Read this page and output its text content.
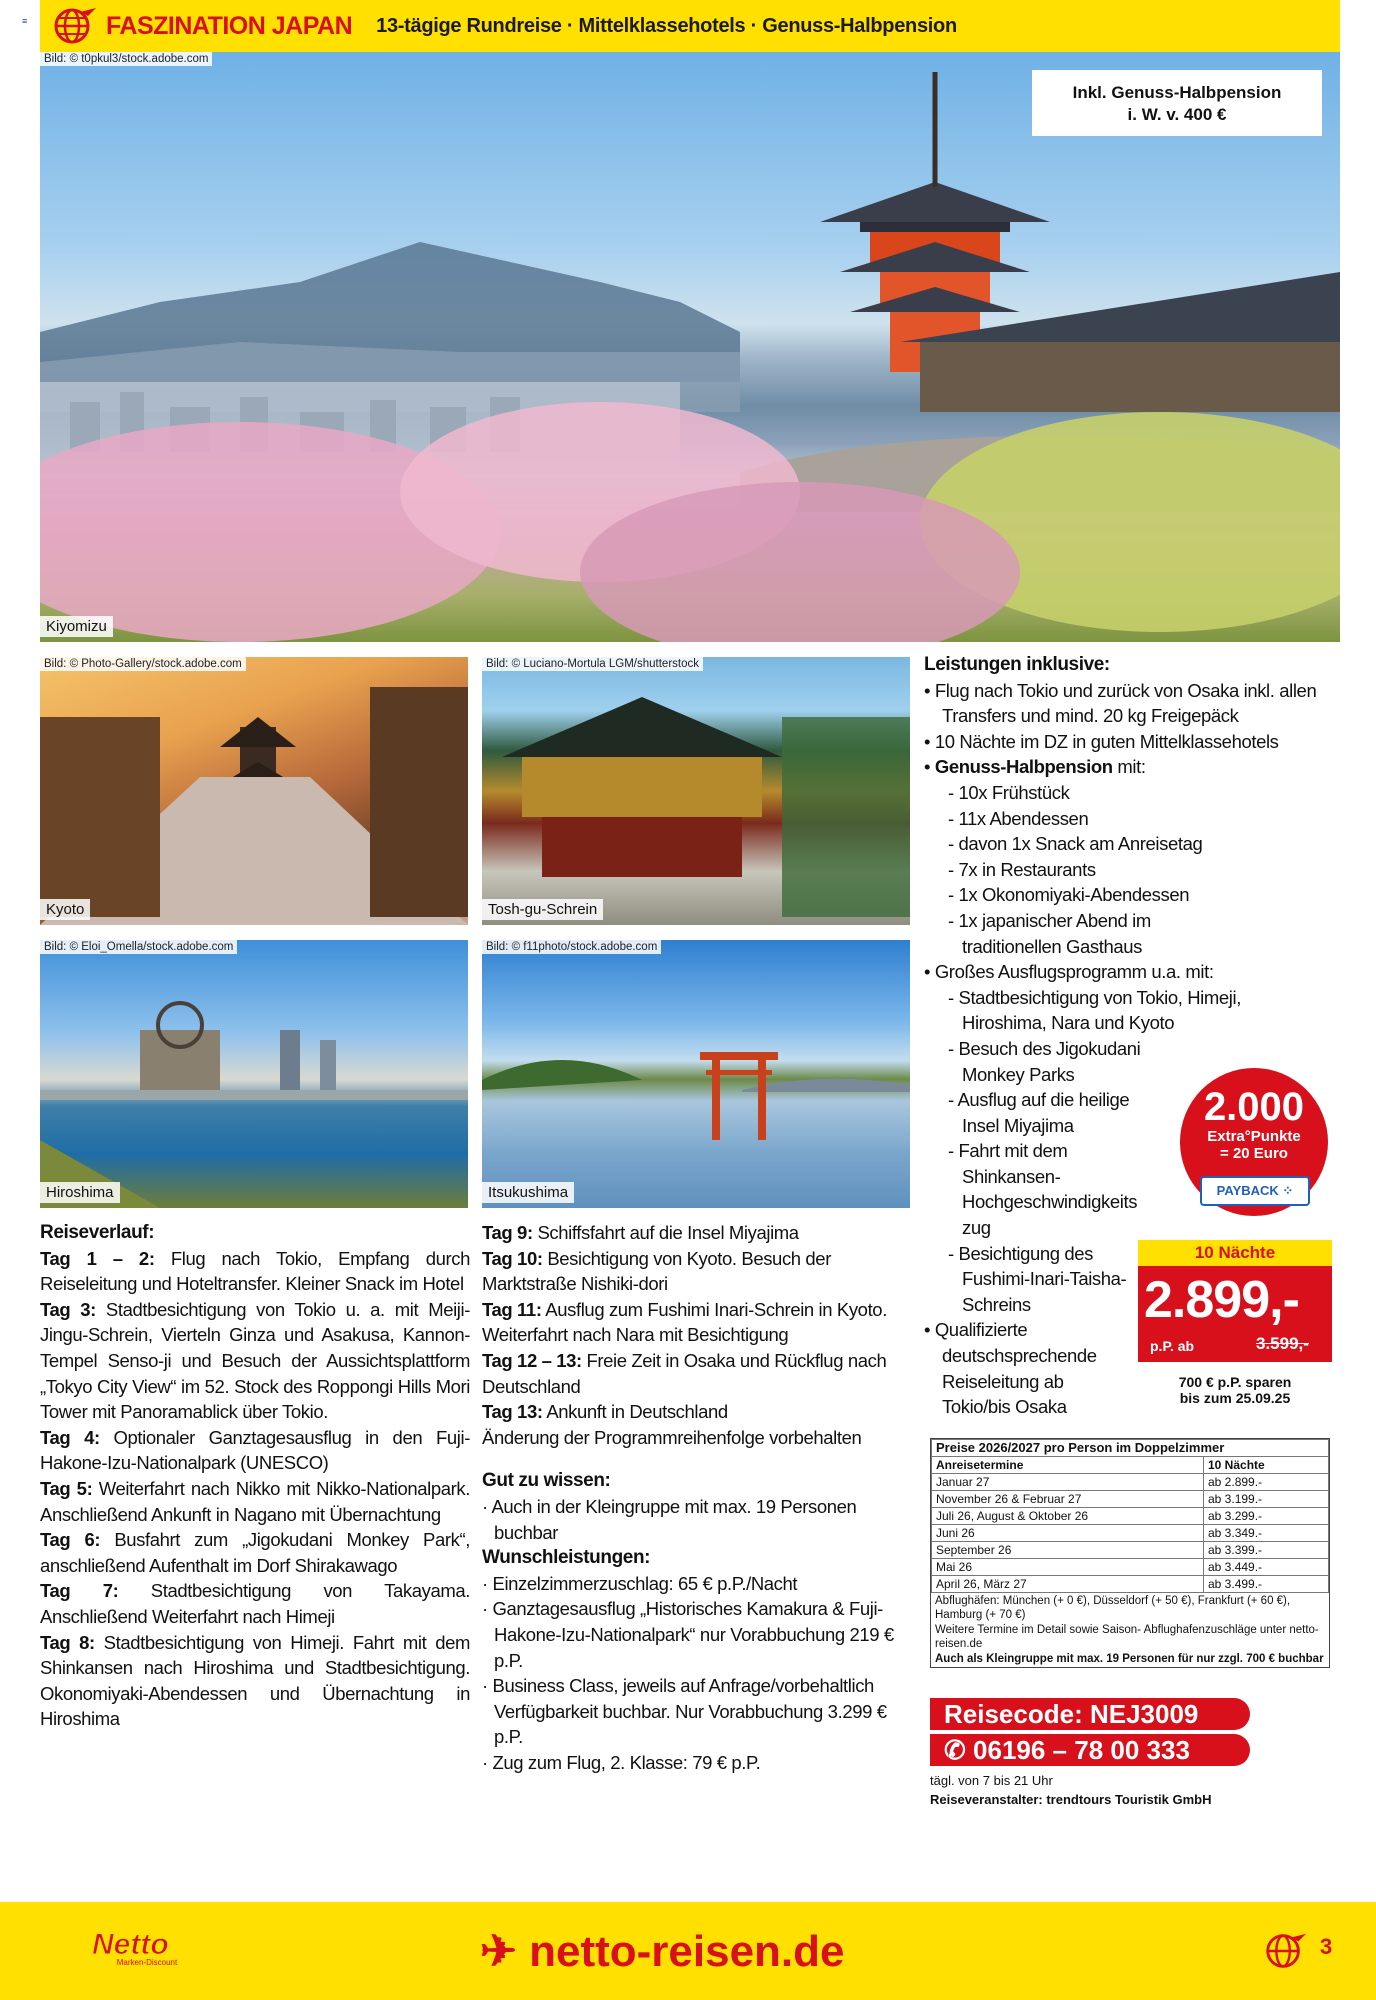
≡	FASZINATION JAPAN 13-tägige Rundreise · Mittelklassehotels · Genuss-Halbpension
Bild: © t0pkul3/stock.adobe.com
Inkl. Genuss-Halbpension
i. W. v. 400 €
Kiyomizu
Bild: © Photo-Gallery/stock.adobe.com
Kyoto
Bild: © Luciano-Mortula LGM/shutterstock
Tosh-gu-Schrein
Bild: © Eloi_Omella/stock.adobe.com
Hiroshima
Bild: © f11photo/stock.adobe.com
Itsukushima
Reiseverlauf:
Tag 1 – 2: Flug nach Tokio, Empfang durch Reiseleitung und Hoteltransfer. Kleiner Snack im Hotel
Tag 3: Stadtbesichtigung von Tokio u. a. mit Meiji-Jingu-Schrein, Vierteln Ginza und Asakusa, Kannon-Tempel Senso-ji und Besuch der Aussichtsplattform „Tokyo City View“ im 52. Stock des Roppongi Hills Mori Tower mit Panoramablick über Tokio.
Tag 4: Optionaler Ganztagesausflug in den Fuji-Hakone-Izu-Nationalpark (UNESCO)
Tag 5: Weiterfahrt nach Nikko mit Nikko-Nationalpark. Anschließend Ankunft in Nagano mit Übernachtung
Tag 6: Busfahrt zum „Jigokudani Monkey Park“, anschließend Aufenthalt im Dorf Shirakawago
Tag 7: Stadtbesichtigung von Takayama. Anschließend Weiterfahrt nach Himeji
Tag 8: Stadtbesichtigung von Himeji. Fahrt mit dem Shinkansen nach Hiroshima und Stadtbesichtigung. Okonomiyaki-Abendessen und Übernachtung in Hiroshima
Tag 9: Schiffsfahrt auf die Insel Miyajima
Tag 10: Besichtigung von Kyoto. Besuch der Marktstraße Nishiki-dori
Tag 11: Ausflug zum Fushimi Inari-Schrein in Kyoto. Weiterfahrt nach Nara mit Besichtigung
Tag 12 – 13: Freie Zeit in Osaka und Rückflug nach Deutschland
Tag 13: Ankunft in Deutschland
Änderung der Programmreihenfolge vorbehalten
Gut zu wissen:
· Auch in der Kleingruppe mit max. 19 Personen buchbar
Wunschleistungen:
· Einzelzimmerzuschlag: 65 € p.P./Nacht
· Ganztagesausflug „Historisches Kamakura & Fuji-Hakone-Izu-Nationalpark“ nur Vorabbuchung 219 € p.P.
· Business Class, jeweils auf Anfrage/vorbehaltlich Verfügbarkeit buchbar. Nur Vorabbuchung 3.299 € p.P.
· Zug zum Flug, 2. Klasse: 79 € p.P.
Leistungen inklusive:
• Flug nach Tokio und zurück von Osaka inkl. allen Transfers und mind. 20 kg Freigepäck
• 10 Nächte im DZ in guten Mittelklassehotels
• Genuss-Halbpension mit:
- 10x Frühstück
- 11x Abendessen
- davon 1x Snack am Anreisetag
- 7x in Restaurants
- 1x Okonomiyaki-Abendessen
- 1x japanischer Abend im traditionellen Gasthaus
• Großes Ausflugsprogramm u.a. mit:
- Stadtbesichtigung von Tokio, Himeji, Hiroshima, Nara und Kyoto
- Besuch des Jigokudani Monkey Parks
- Ausflug auf die heilige Insel Miyajima
- Fahrt mit dem Shinkansen-Hochgeschwindigkeitszug
- Besichtigung des Fushimi-Inari-Taisha-Schreins
• Qualifizierte deutschsprechende Reiseleitung ab Tokio/bis Osaka
2.000
Extra°Punkte
= 20 Euro
PAYBACK ⁘
10 Nächte
2.899,-
p.P. ab	3.599,-
700 € p.P. sparen
bis zum 25.09.25
Preise 2026/2027 pro Person im Doppelzimmer	
Anreisetermine	10 Nächte
Januar 27	ab 2.899.-
November 26 & Februar 27	ab 3.199.-
Juli 26, August & Oktober 26	ab 3.299.-
Juni 26	ab 3.349.-
September 26	ab 3.399.-
Mai 26	ab 3.449.-
April 26, März 27	ab 3.499.-
Abflughäfen: München (+ 0 €), Düsseldorf (+ 50 €), Frankfurt (+ 60 €), Hamburg (+ 70 €)
Weitere Termine im Detail sowie Saison- Abflughafenzuschläge unter netto-reisen.de
Auch als Kleingruppe mit max. 19 Personen für nur zzgl. 700 € buchbar
Reisecode: NEJ3009
✆ 06196 – 78 00 333
tägl. von 7 bis 21 Uhr
Reiseveranstalter: trendtours Touristik GmbH
Netto
Marken-Discount	✈ netto-reisen.de	3
